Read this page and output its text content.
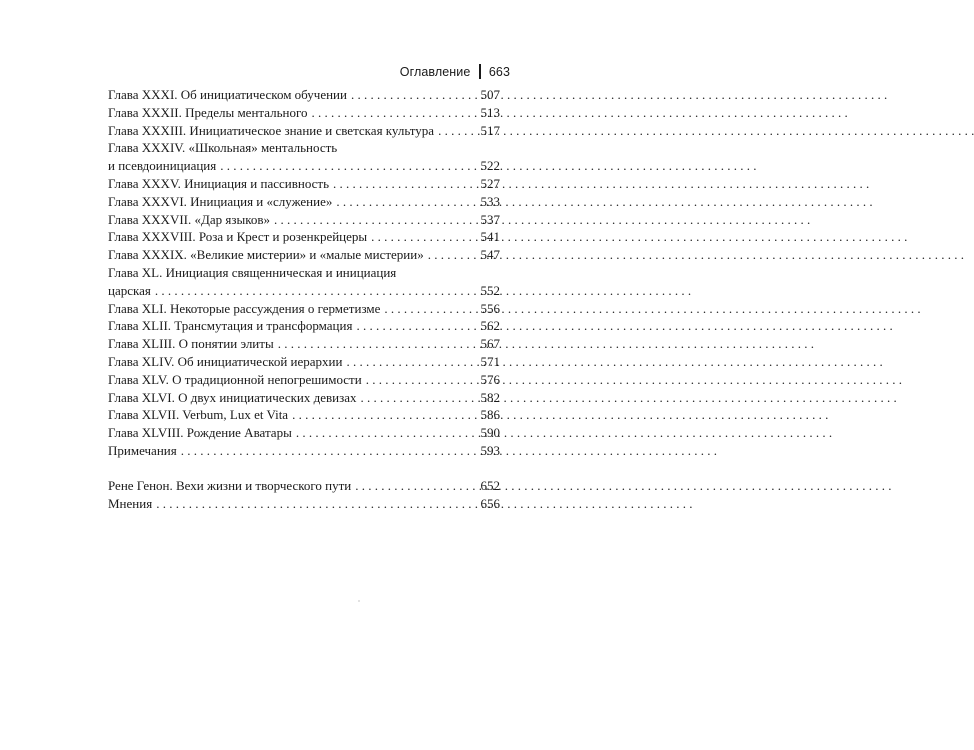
Оглавление 663
Глава XXXI. Об инициатическом обучении . . .	507
Глава XXXII. Пределы ментального . . .	513
Глава XXXIII. Инициатическое знание и светская культура . . .	517
Глава XXXIV. «Школьная» ментальность
и псевдоинициация . . .	522
Глава XXXV. Инициация и пассивность . . .	527
Глава XXXVI. Инициация и «служение» . . .	533
Глава XXXVII. «Дар языков» . . .	537
Глава XXXVIII. Роза и Крест и розенкрейцеры . . .	541
Глава XXXIX. «Великие мистерии» и «малые мистерии» . . .	547
Глава XL. Инициация священническая и инициация
царская . . .	552
Глава XLI. Некоторые рассуждения о герметизме . . .	556
Глава XLII. Трансмутация и трансформация . . .	562
Глава XLIII. О понятии элиты . . .	567
Глава XLIV. Об инициатической иерархии . . .	571
Глава XLV. О традиционной непогрешимости . . .	576
Глава XLVI. О двух инициатических девизах . . .	582
Глава XLVII. Verbum, Lux et Vita . . .	586
Глава XLVIII. Рождение Аватары . . .	590
Примечания . . .	593
Рене Генон. Вехи жизни и творческого пути . . .	652
Мнения . . .	656
